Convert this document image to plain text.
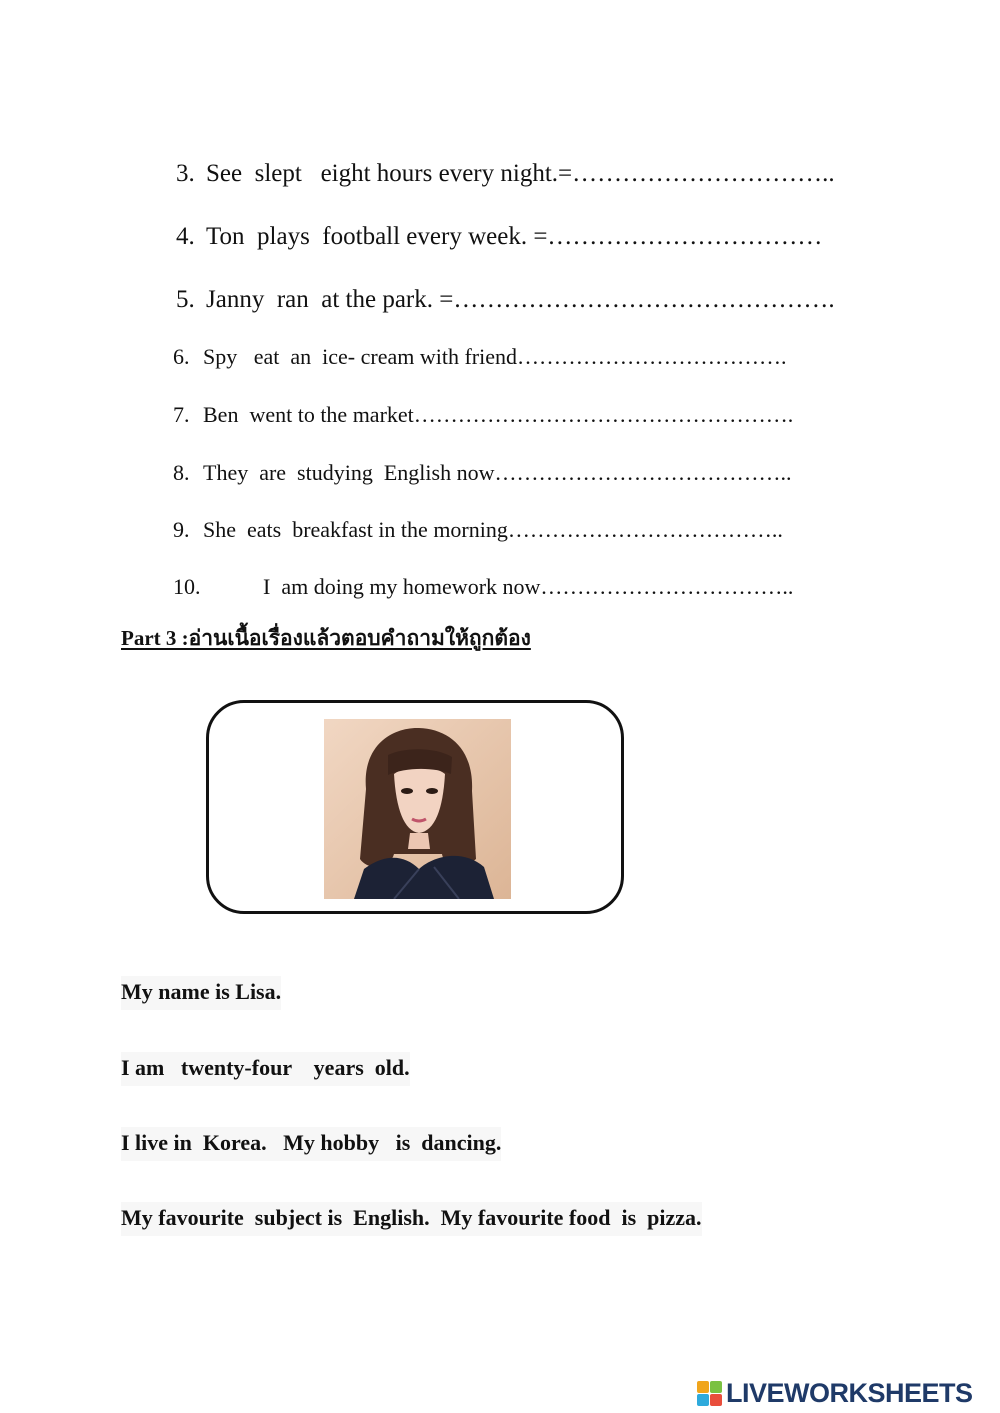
3. See  slept   eight hours every night.=…………………………..

4. Ton  plays  football every week. =……………………………

5. Janny  ran  at the park. =……………………………………….

6. Spy   eat  an  ice- cream with friend……………………………….

7. Ben  went to the market…………………………………………….

8. They  are  studying  English now…………………………………..

9. She  eats  breakfast in the morning………………………………..

10.	I  am doing my homework now……………………………..

Part 3 :อ่านเนื้อเรื่องแล้วตอบคำถามให้ถูกต้อง
My name is Lisa.
I am   twenty-four    years  old.
I live in  Korea.   My hobby   is  dancing.
My favourite  subject is  English.  My favourite food  is  pizza.
LIVEWORKSHEETS
